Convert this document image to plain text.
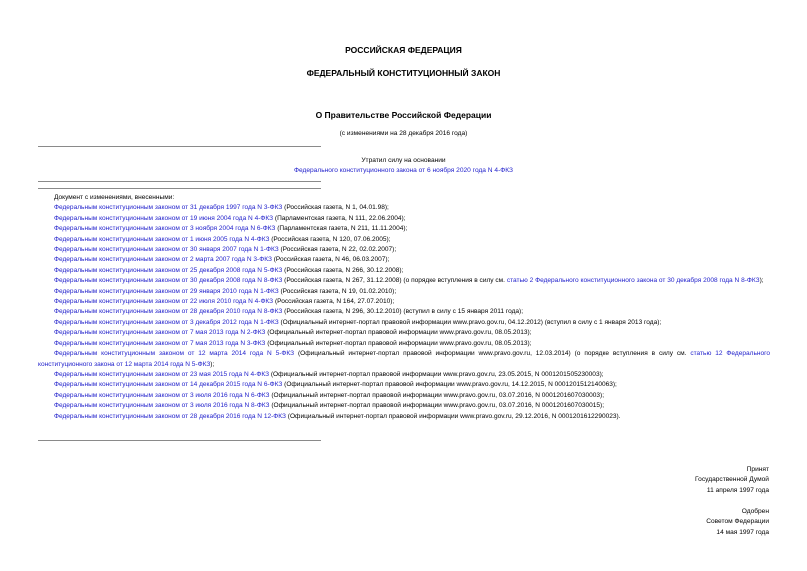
РОССИЙСКАЯ ФЕДЕРАЦИЯ
ФЕДЕРАЛЬНЫЙ КОНСТИТУЦИОННЫЙ ЗАКОН
О Правительстве Российской Федерации
(с изменениями на 28 декабря 2016 года)
Утратил силу на основании
Федерального конституционного закона от 6 ноября 2020 года N 4-ФКЗ
Документ с изменениями, внесенными:
Федеральным конституционным законом от 31 декабря 1997 года N 3-ФКЗ (Российская газета, N 1, 04.01.98);
Федеральным конституционным законом от 19 июня 2004 года N 4-ФКЗ (Парламентская газета, N 111, 22.06.2004);
Федеральным конституционным законом от 3 ноября 2004 года N 6-ФКЗ (Парламентская газета, N 211, 11.11.2004);
Федеральным конституционным законом от 1 июня 2005 года N 4-ФКЗ (Российская газета, N 120, 07.06.2005);
Федеральным конституционным законом от 30 января 2007 года N 1-ФКЗ (Российская газета, N 22, 02.02.2007);
Федеральным конституционным законом от 2 марта 2007 года N 3-ФКЗ (Российская газета, N 46, 06.03.2007);
Федеральным конституционным законом от 25 декабря 2008 года N 5-ФКЗ (Российская газета, N 266, 30.12.2008);
Федеральным конституционным законом от 30 декабря 2008 года N 8-ФКЗ (Российская газета, N 267, 31.12.2008) (о порядке вступления в силу см. статью 2 Федерального конституционного закона от 30 декабря 2008 года N 8-ФКЗ);
Федеральным конституционным законом от 29 января 2010 года N 1-ФКЗ (Российская газета, N 19, 01.02.2010);
Федеральным конституционным законом от 22 июля 2010 года N 4-ФКЗ (Российская газета, N 164, 27.07.2010);
Федеральным конституционным законом от 28 декабря 2010 года N 8-ФКЗ (Российская газета, N 296, 30.12.2010) (вступил в силу с 15 января 2011 года);
Федеральным конституционным законом от 3 декабря 2012 года N 1-ФКЗ (Официальный интернет-портал правовой информации www.pravo.gov.ru, 04.12.2012) (вступил в силу с 1 января 2013 года);
Федеральным конституционным законом от 7 мая 2013 года N 2-ФКЗ (Официальный интернет-портал правовой информации www.pravo.gov.ru, 08.05.2013);
Федеральным конституционным законом от 7 мая 2013 года N 3-ФКЗ (Официальный интернет-портал правовой информации www.pravo.gov.ru, 08.05.2013);
Федеральным конституционным законом от 12 марта 2014 года N 5-ФКЗ (Официальный интернет-портал правовой информации www.pravo.gov.ru, 12.03.2014) (о порядке вступления в силу см. статью 12 Федерального конституционного закона от 12 марта 2014 года N 5-ФКЗ);
Федеральным конституционным законом от 23 мая 2015 года N 4-ФКЗ (Официальный интернет-портал правовой информации www.pravo.gov.ru, 23.05.2015, N 0001201505230003);
Федеральным конституционным законом от 14 декабря 2015 года N 6-ФКЗ (Официальный интернет-портал правовой информации www.pravo.gov.ru, 14.12.2015, N 0001201512140063);
Федеральным конституционным законом от 3 июля 2016 года N 6-ФКЗ (Официальный интернет-портал правовой информации www.pravo.gov.ru, 03.07.2016, N 0001201607030003);
Федеральным конституционным законом от 3 июля 2016 года N 8-ФКЗ (Официальный интернет-портал правовой информации www.pravo.gov.ru, 03.07.2016, N 0001201607030015);
Федеральным конституционным законом от 28 декабря 2016 года N 12-ФКЗ (Официальный интернет-портал правовой информации www.pravo.gov.ru, 29.12.2016, N 0001201612290023).
Принят
Государственной Думой
11 апреля 1997 года
Одобрен
Советом Федерации
14 мая 1997 года
